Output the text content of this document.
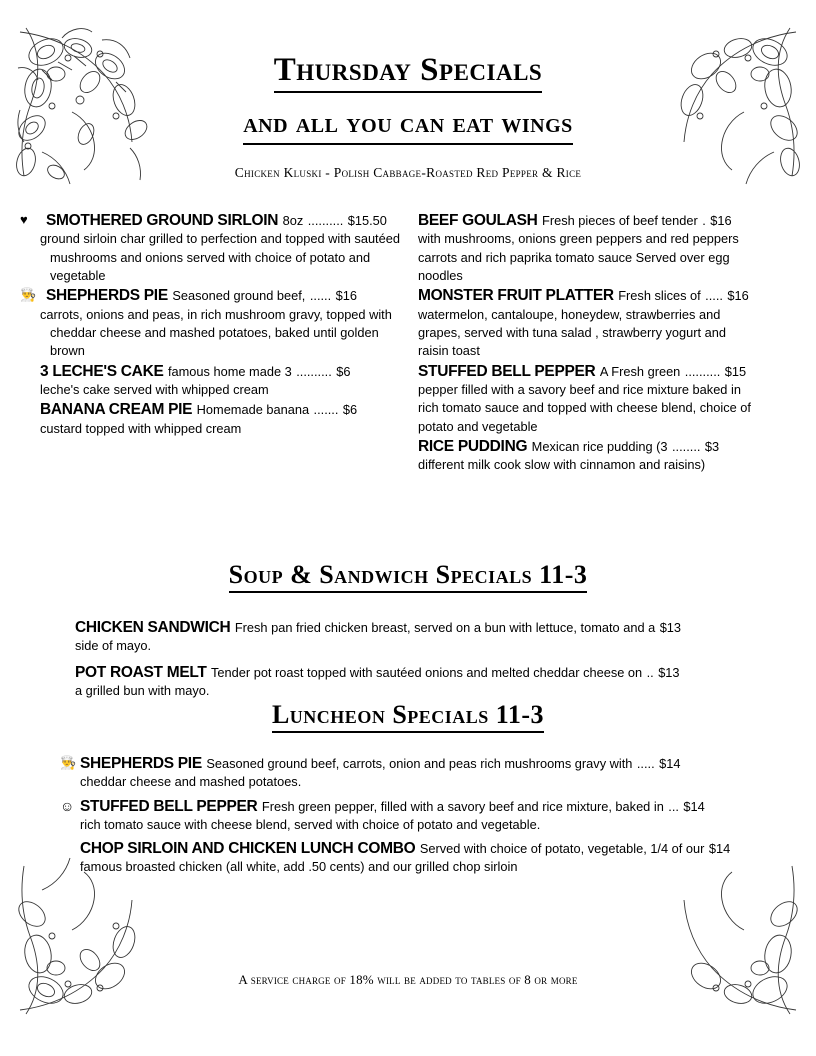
Thursday Specials
and all you can eat wings
Chicken Kluski - Polish Cabbage-Roasted Red Pepper & Rice
♥ SMOTHERED GROUND SIRLOIN 8oz .......... $15.50
ground sirloin char grilled to perfection and topped with sautéed mushrooms and onions served with choice of potato and vegetable
👨‍🍳 SHEPHERDS PIE Seasoned ground beef, ...... $16
carrots, onions and peas, in rich mushroom gravy, topped with cheddar cheese and mashed potatoes, baked until golden brown
3 LECHE'S CAKE famous home made 3 .......... $6
leche's cake served with whipped cream
BANANA CREAM PIE Homemade banana ....... $6
custard topped with whipped cream
BEEF GOULASH Fresh pieces of beef tender . $16
with mushrooms, onions green peppers and red peppers carrots and rich paprika tomato sauce Served over egg noodles
MONSTER FRUIT PLATTER Fresh slices of ..... $16
watermelon, cantaloupe, honeydew, strawberries and grapes, served with tuna salad , strawberry yogurt and raisin toast
STUFFED BELL PEPPER A Fresh green .......... $15
pepper filled with a savory beef and rice mixture baked in rich tomato sauce and topped with cheese blend, choice of potato and vegetable
RICE PUDDING Mexican rice pudding (3 ........ $3
different milk cook slow with cinnamon and raisins)
Soup & Sandwich Specials 11-3
CHICKEN SANDWICH Fresh pan fried chicken breast, served on a bun with lettuce, tomato and a $13
side of mayo.
POT ROAST MELT Tender pot roast topped with sautéed onions and melted cheddar cheese on .. $13
a grilled bun with mayo.
Luncheon Specials 11-3
👨‍🍳 SHEPHERDS PIE Seasoned ground beef, carrots, onion and peas rich mushrooms gravy with ..... $14
cheddar cheese and mashed potatoes.
☺ STUFFED BELL PEPPER Fresh green pepper, filled with a savory beef and rice mixture, baked in ... $14
rich tomato sauce with cheese blend, served with choice of potato and vegetable.
CHOP SIRLOIN AND CHICKEN LUNCH COMBO Served with choice of potato, vegetable, 1/4 of our $14
famous broasted chicken (all white, add .50 cents) and our grilled chop sirloin
A service charge of 18% will be added to tables of 8 or more
